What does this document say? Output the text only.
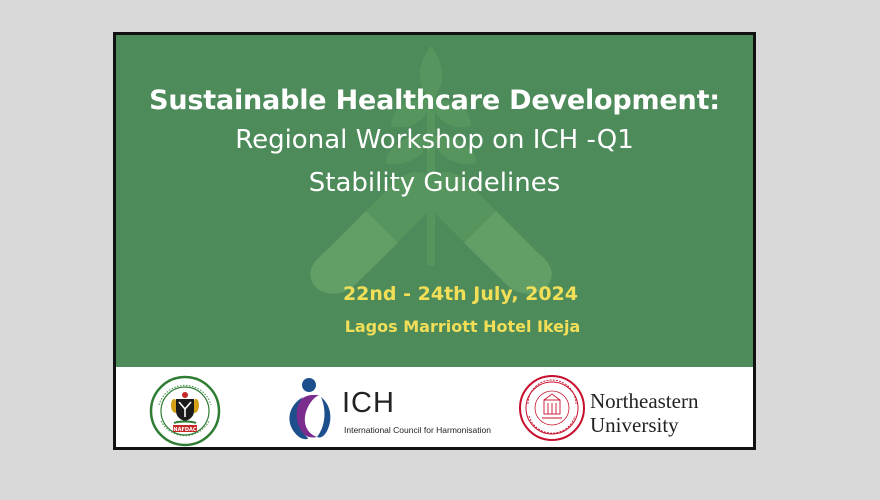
Sustainable Healthcare Development:
Regional Workshop on ICH -Q1
Stability Guidelines
22nd - 24th July, 2024
Lagos Marriott Hotel Ikeja
NAFDAC
ICH
International Council for Harmonisation
Northeastern
University
